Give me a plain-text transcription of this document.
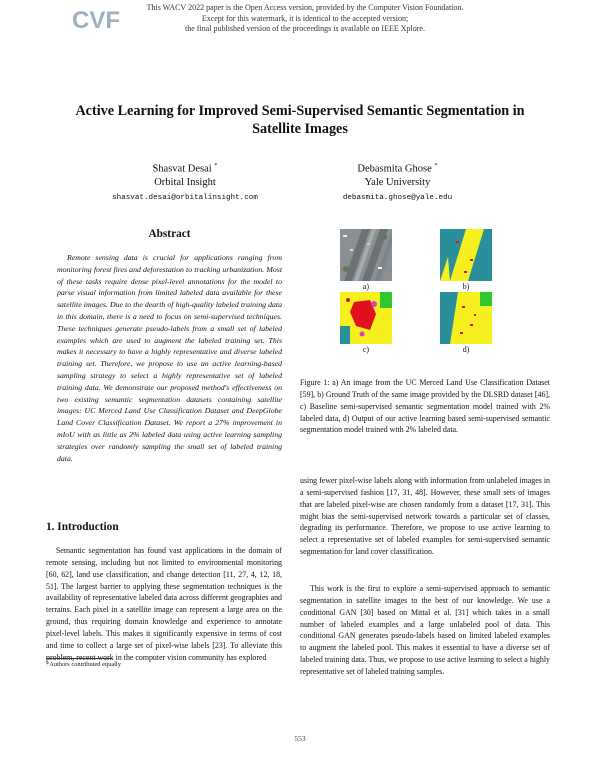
CVF	This WACV 2022 paper is the Open Access version, provided by the Computer Vision Foundation.
Except for this watermark, it is identical to the accepted version;
the final published version of the proceedings is available on IEEE Xplore.
Active Learning for Improved Semi-Supervised Semantic Segmentation in
Satellite Images
Shasvat Desai *
Orbital Insight
shasvat.desai@orbitalinsight.com
Debasmita Ghose *
Yale University
debasmita.ghose@yale.edu
Abstract
Remote sensing data is crucial for applications ranging from monitoring forest fires and deforestation to tracking urbanization. Most of these tasks require dense pixel-level annotations for the model to parse visual information from limited labeled data available for these satellite images. Due to the dearth of high-quality labeled training data in this domain, there is a need to focus on semi-supervised techniques. These techniques generate pseudo-labels from a small set of labeled examples which are used to augment the labeled training set. This makes it necessary to have a highly representative and diverse labeled training set. Therefore, we propose to use an active learning-based sampling strategy to select a highly representative set of labeled training data. We demonstrate our proposed method's effectiveness on two existing semantic segmentation datasets containing satellite images: UC Merced Land Use Classification Dataset and DeepGlobe Land Cover Classification Dataset. We report a 27% improvement in mIoU with as little as 2% labeled data using active learning sampling strategies over randomly sampling the small set of labeled training data.
1. Introduction
Semantic segmentation has found vast applications in the domain of remote sensing, including but not limited to environmental monitoring [60, 62], land use classification, and change detection [11, 27, 4, 12, 18, 51]. The largest barrier to applying these segmentation techniques is the availability of representative labeled data across different geographies and terrains. Each pixel in a satellite image can represent a large area on the ground, thus requiring domain knowledge and experience to annotate pixel-level labels. This makes it significantly expensive in terms of cost and time to collect a large set of pixel-wise labels [23]. To alleviate this problem, recent work in the computer vision community has explored
*Authors contributed equally
a)	b)
c)	d)
Figure 1: a) An image from the UC Merced Land Use Classification Dataset [59], b) Ground Truth of the same image provided by the DLSRD dataset [46], c) Baseline semi-supervised semantic segmentation model trained with 2% labeled data, d) Output of our active learning based semi-supervised semantic segmentation model trained with 2% labeled data.
using fewer pixel-wise labels along with information from unlabeled images in a semi-supervised fashion [17, 31, 48]. However, these small sets of images that are labeled pixel-wise are chosen randomly from a dataset [17, 31]. This might bias the semi-supervised network towards a particular set of classes, degrading its performance. Therefore, we propose to use active learning to select a representative set of labeled examples for semi-supervised semantic segmentation for land cover classification.
This work is the first to explore a semi-supervised approach to semantic segmentation in satellite images to the best of our knowledge. We use a conditional GAN [30] based on Mittal et al. [31] which takes in a small number of labeled examples and a large unlabeled pool of data. This conditional GAN generates pseudo-labels based on limited labeled examples to augment the labeled pool. This makes it essential to have a diverse set of labeled training data. Thus, we propose to use active learning to select a highly representative set of labeled training samples.
553
